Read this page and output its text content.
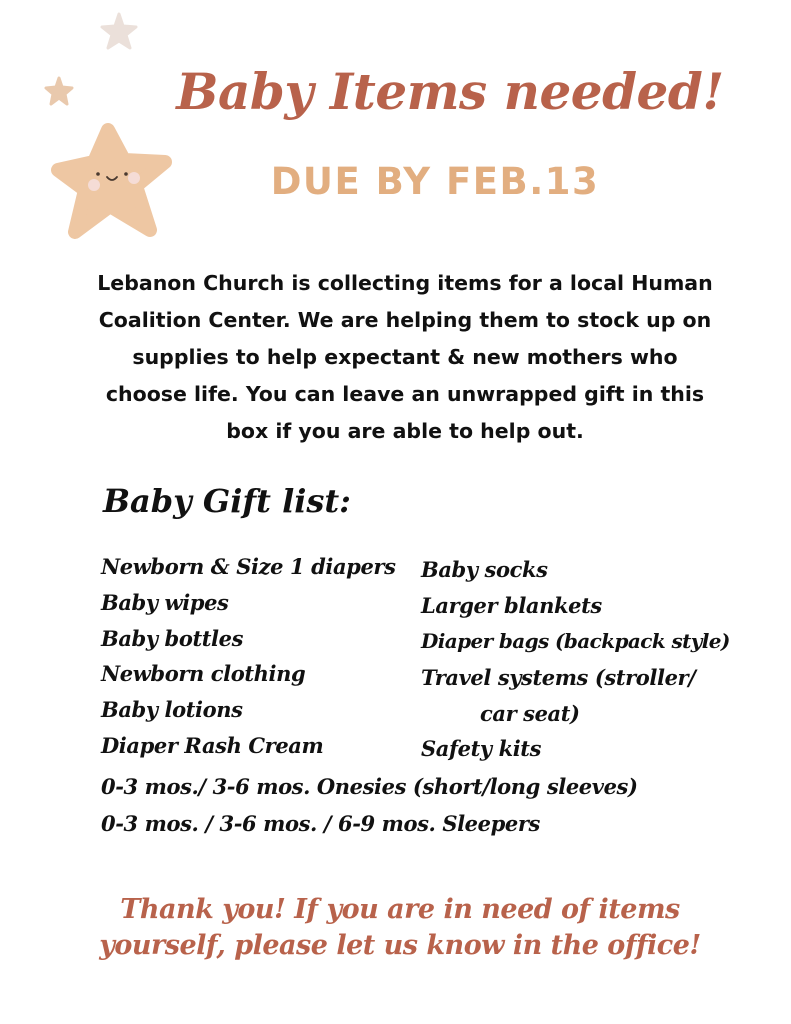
Baby Items needed!
DUE BY FEB.13
Lebanon Church is collecting items for a local Human
Coalition Center. We are helping them to stock up on
supplies to help expectant & new mothers who
choose life. You can leave an unwrapped gift in this
box if you are able to help out.
Baby Gift list:
Newborn & Size 1 diapers
Baby wipes
Baby bottles
Newborn clothing
Baby lotions
Diaper Rash Cream
Baby socks
Larger blankets
Diaper bags (backpack style)
Travel systems (stroller/
car seat)
Safety kits
0-3 mos./ 3-6 mos. Onesies (short/long sleeves)
0-3 mos. / 3-6 mos. / 6-9 mos. Sleepers
Thank you! If you are in need of items
yourself, please let us know in the office!
